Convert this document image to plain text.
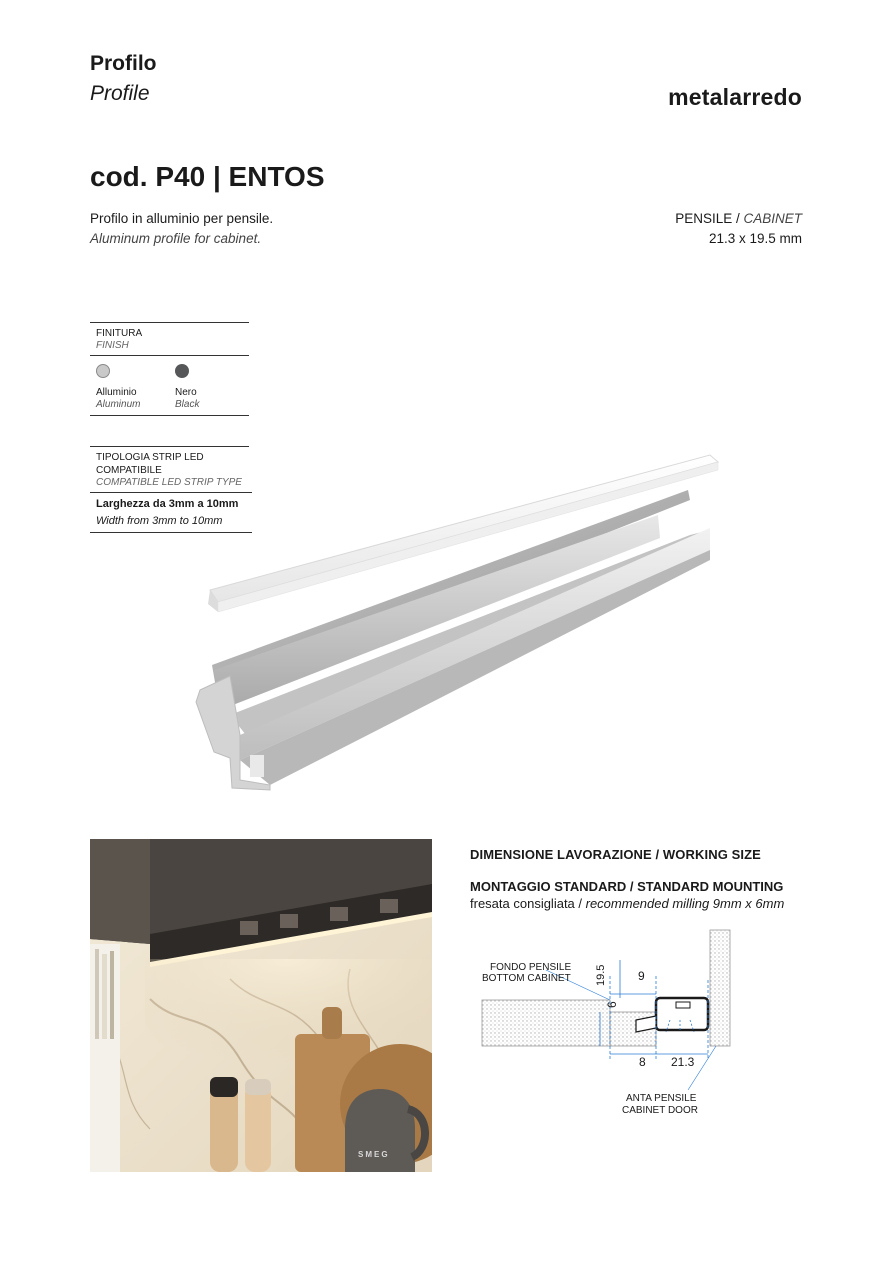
Profilo
Profile	metalarredo
cod. P40 | ENTOS
Profilo in alluminio per pensile.
Aluminum profile for cabinet.
PENSILE / CABINET
21.3 x 19.5 mm
FINITURA
FINISH
Alluminio
Aluminum
Nero
Black
TIPOLOGIA STRIP LED
COMPATIBILE
COMPATIBLE LED STRIP TYPE
Larghezza da 3mm a 10mm
Width from 3mm to 10mm
SMEG
DIMENSIONE LAVORAZIONE / WORKING SIZE
MONTAGGIO STANDARD / STANDARD MOUNTING
fresata consigliata / recommended milling 9mm x 6mm
FONDO PENSILE
BOTTOM CABINET 19.5	9
6
8 21.3
ANTA PENSILE
CABINET DOOR
